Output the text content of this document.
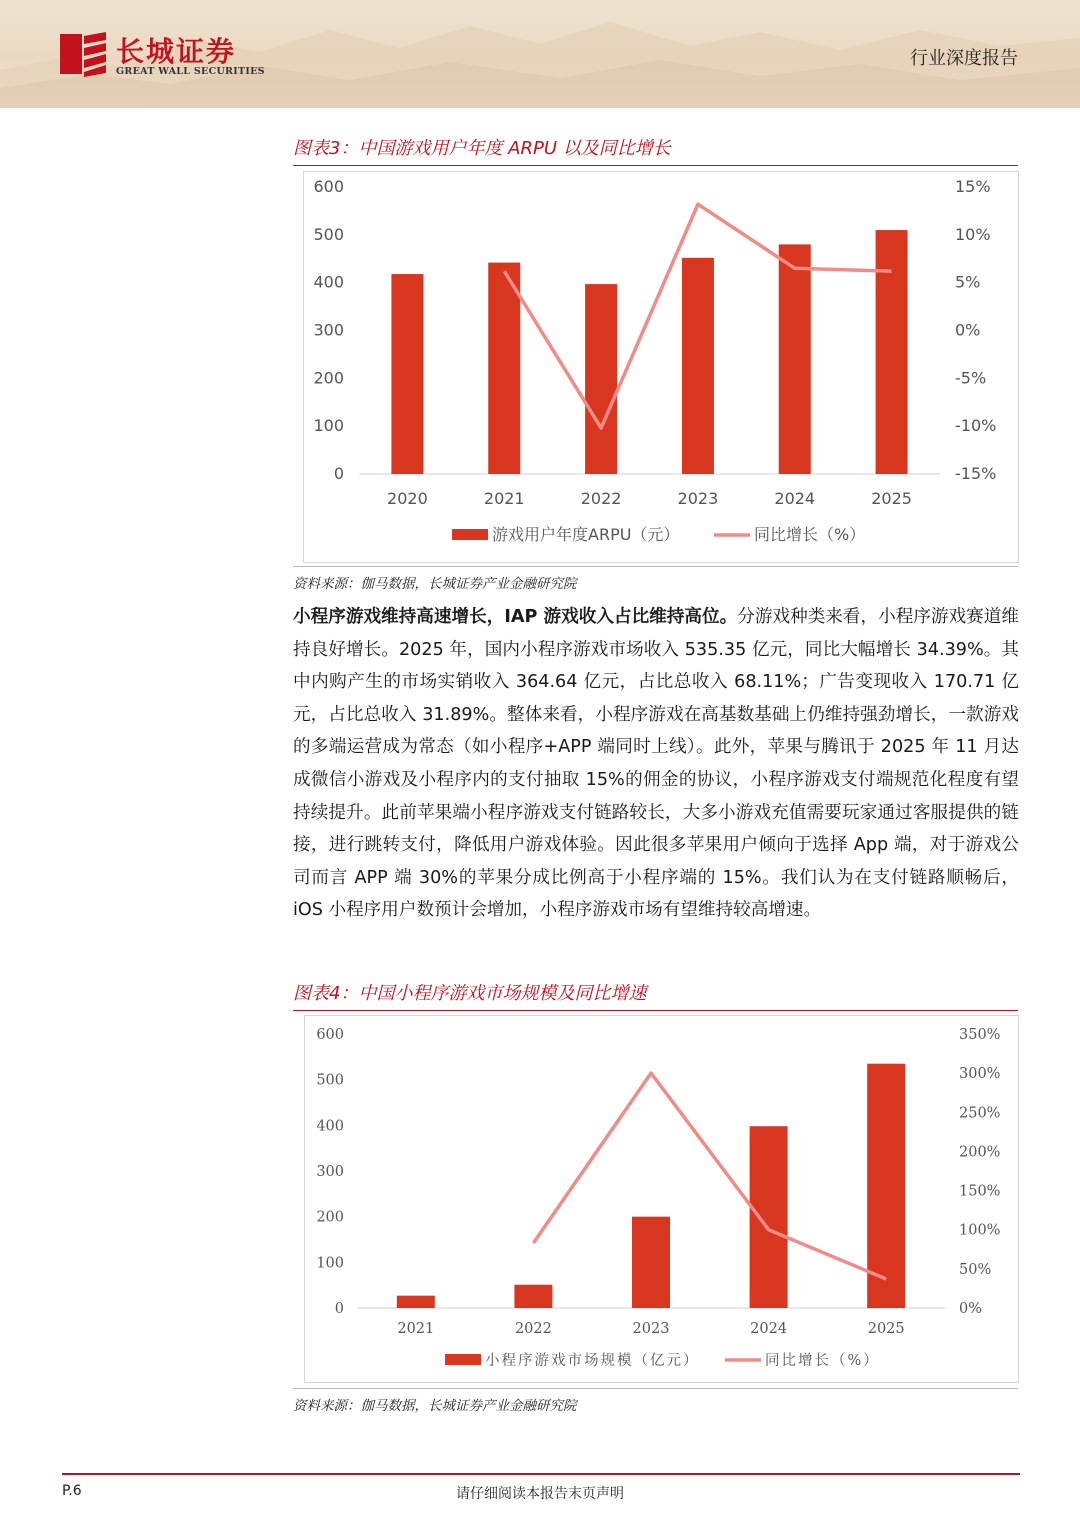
长城证券
GREAT WALL SECURITIES
行业深度报告
图表3：中国游戏用户年度 ARPU 以及同比增长
600
500
400
300
200
100
0
15%
10%
5%
0%
-5%
-10%
-15%
2020	2021	2022	2023	2024	2025
游戏用户年度ARPU（元）	同比增长（%）
资料来源：伽马数据，长城证券产业金融研究院
小程序游戏维持高速增长，IAP 游戏收入占比维持高位。分游戏种类来看，小程序游戏赛道维持良好增长。2025 年，国内小程序游戏市场收入 535.35 亿元，同比大幅增长 34.39%。其中内购产生的市场实销收入 364.64 亿元，占比总收入 68.11%；广告变现收入 170.71 亿元，占比总收入 31.89%。整体来看，小程序游戏在高基数基础上仍维持强劲增长，一款游戏的多端运营成为常态（如小程序+APP 端同时上线）。此外，苹果与腾讯于 2025 年 11 月达成微信小游戏及小程序内的支付抽取 15%的佣金的协议，小程序游戏支付端规范化程度有望持续提升。此前苹果端小程序游戏支付链路较长，大多小游戏充值需要玩家通过客服提供的链接，进行跳转支付，降低用户游戏体验。因此很多苹果用户倾向于选择 App 端，对于游戏公司而言 APP 端 30%的苹果分成比例高于小程序端的 15%。我们认为在支付链路顺畅后，iOS 小程序用户数预计会增加，小程序游戏市场有望维持较高增速。
图表4：中国小程序游戏市场规模及同比增速
600
500
400
300
200
100
0
350%
300%
250%
200%
150%
100%
50%
0%
2021	2022	2023	2024	2025
小程序游戏市场规模（亿元）	同比增长（%）
资料来源：伽马数据，长城证券产业金融研究院
P.6	请仔细阅读本报告末页声明
